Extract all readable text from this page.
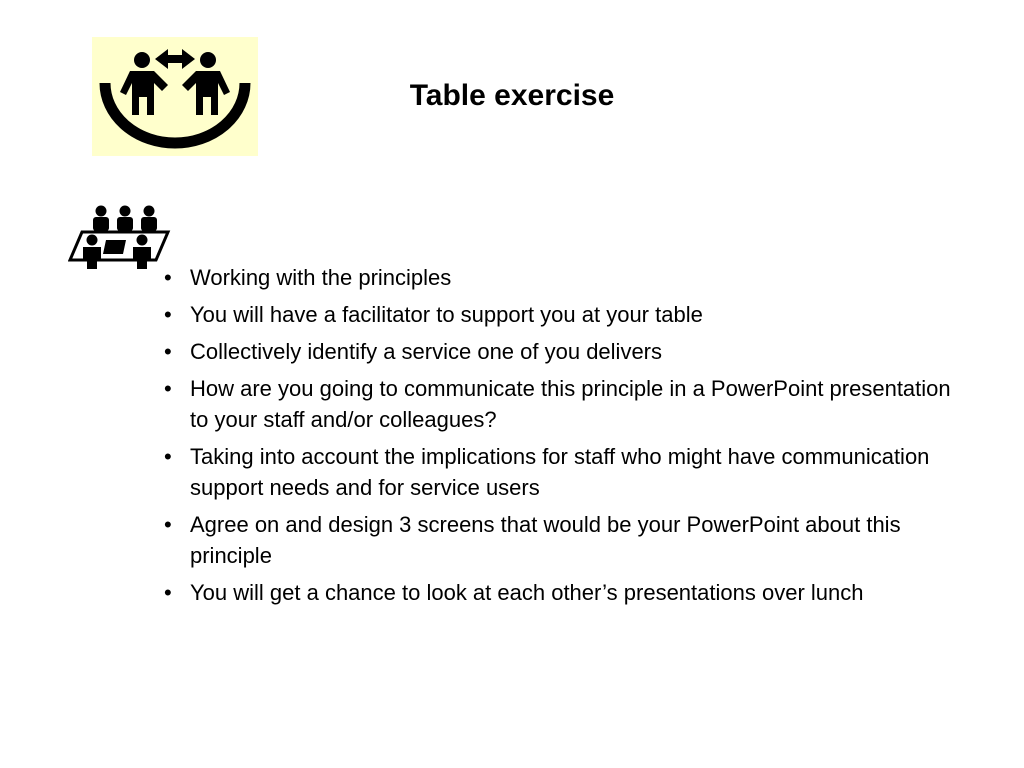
Table exercise
• Working with the principles
• You will have a facilitator to support you at your table
• Collectively identify a service one of you delivers
• How are you going to communicate this principle in a PowerPoint presentation to your staff and/or colleagues?
• Taking into account the implications for staff who might have communication support needs and for service users
• Agree on and design 3 screens that would be your PowerPoint about this principle
• You will get a chance to look at each other’s presentations over lunch
